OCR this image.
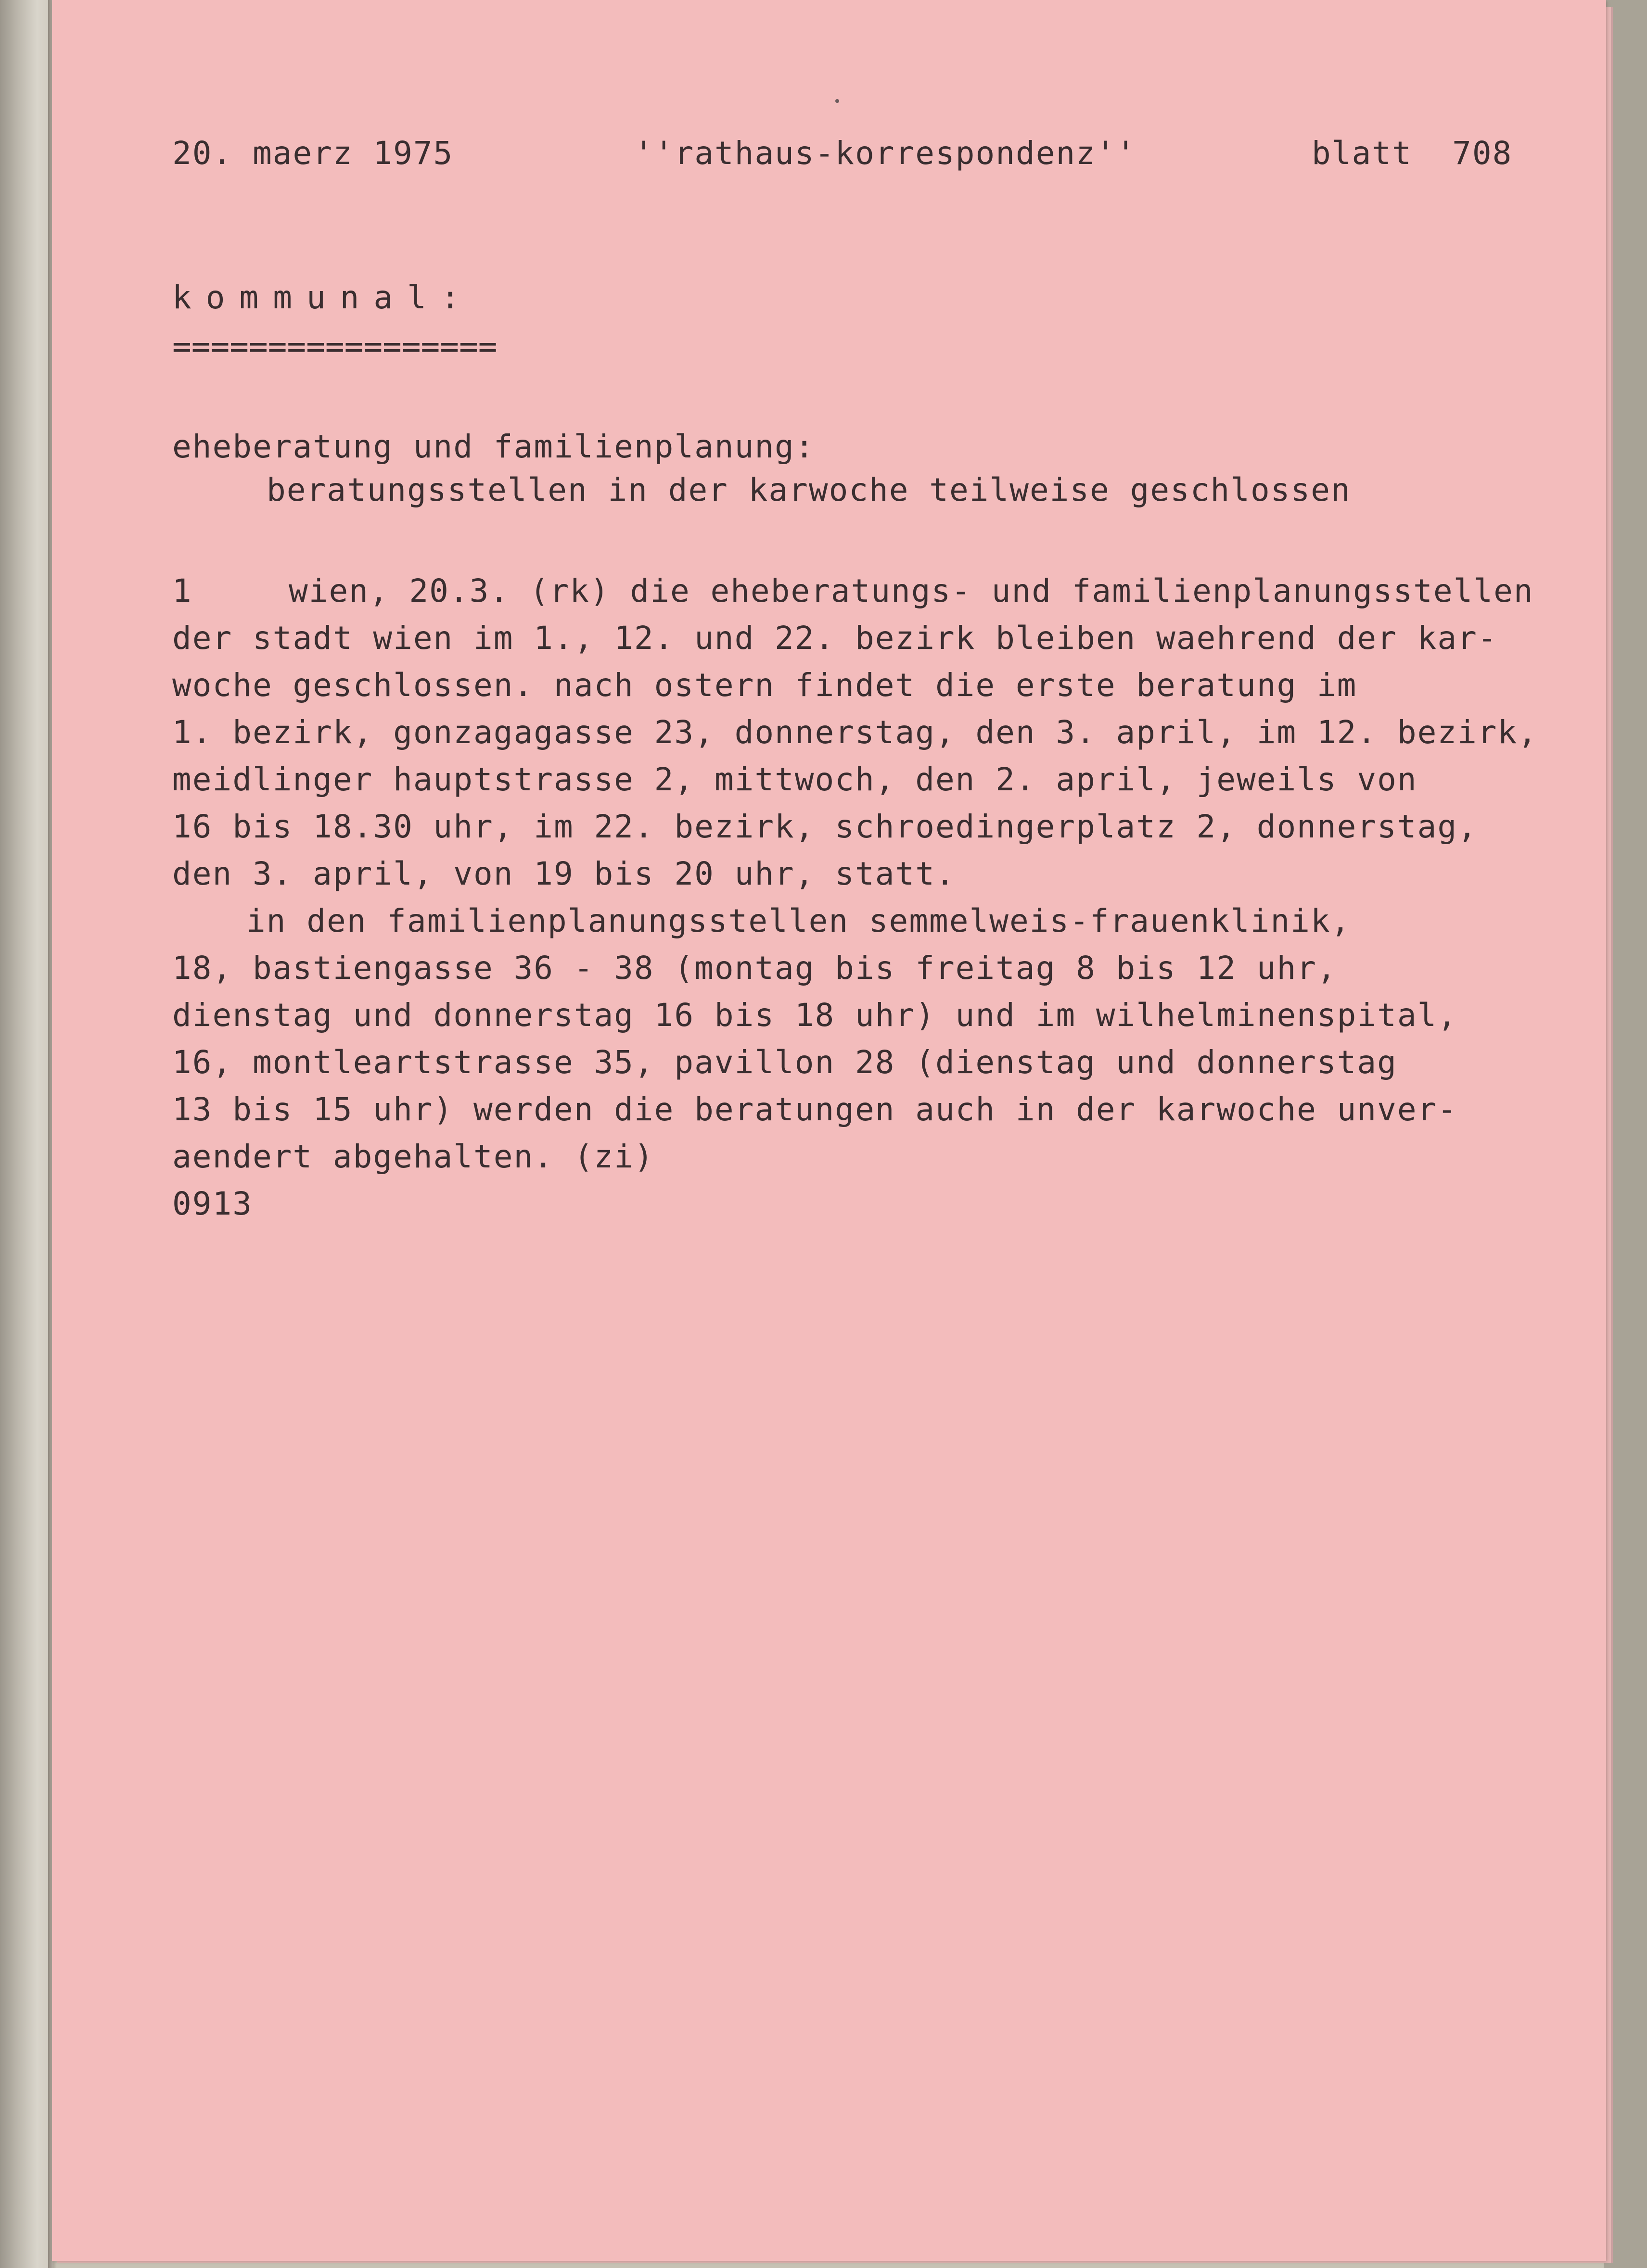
20. maerz 1975	''rathaus-korrespondenz''	blatt  708
kommunal:
=================
eheberatung und familienplanung:
beratungsstellen in der karwoche teilweise geschlossen
1	wien, 20.3. (rk) die eheberatungs- und familienplanungsstellen
der stadt wien im 1., 12. und 22. bezirk bleiben waehrend der kar-
woche geschlossen. nach ostern findet die erste beratung im
1. bezirk, gonzagagasse 23, donnerstag, den 3. april, im 12. bezirk,
meidlinger hauptstrasse 2, mittwoch, den 2. april, jeweils von
16 bis 18.30 uhr, im 22. bezirk, schroedingerplatz 2, donnerstag,
den 3. april, von 19 bis 20 uhr, statt.
in den familienplanungsstellen semmelweis-frauenklinik,
18, bastiengasse 36 - 38 (montag bis freitag 8 bis 12 uhr,
dienstag und donnerstag 16 bis 18 uhr) und im wilhelminenspital,
16, montleartstrasse 35, pavillon 28 (dienstag und donnerstag
13 bis 15 uhr) werden die beratungen auch in der karwoche unver-
aendert abgehalten. (zi)
0913
